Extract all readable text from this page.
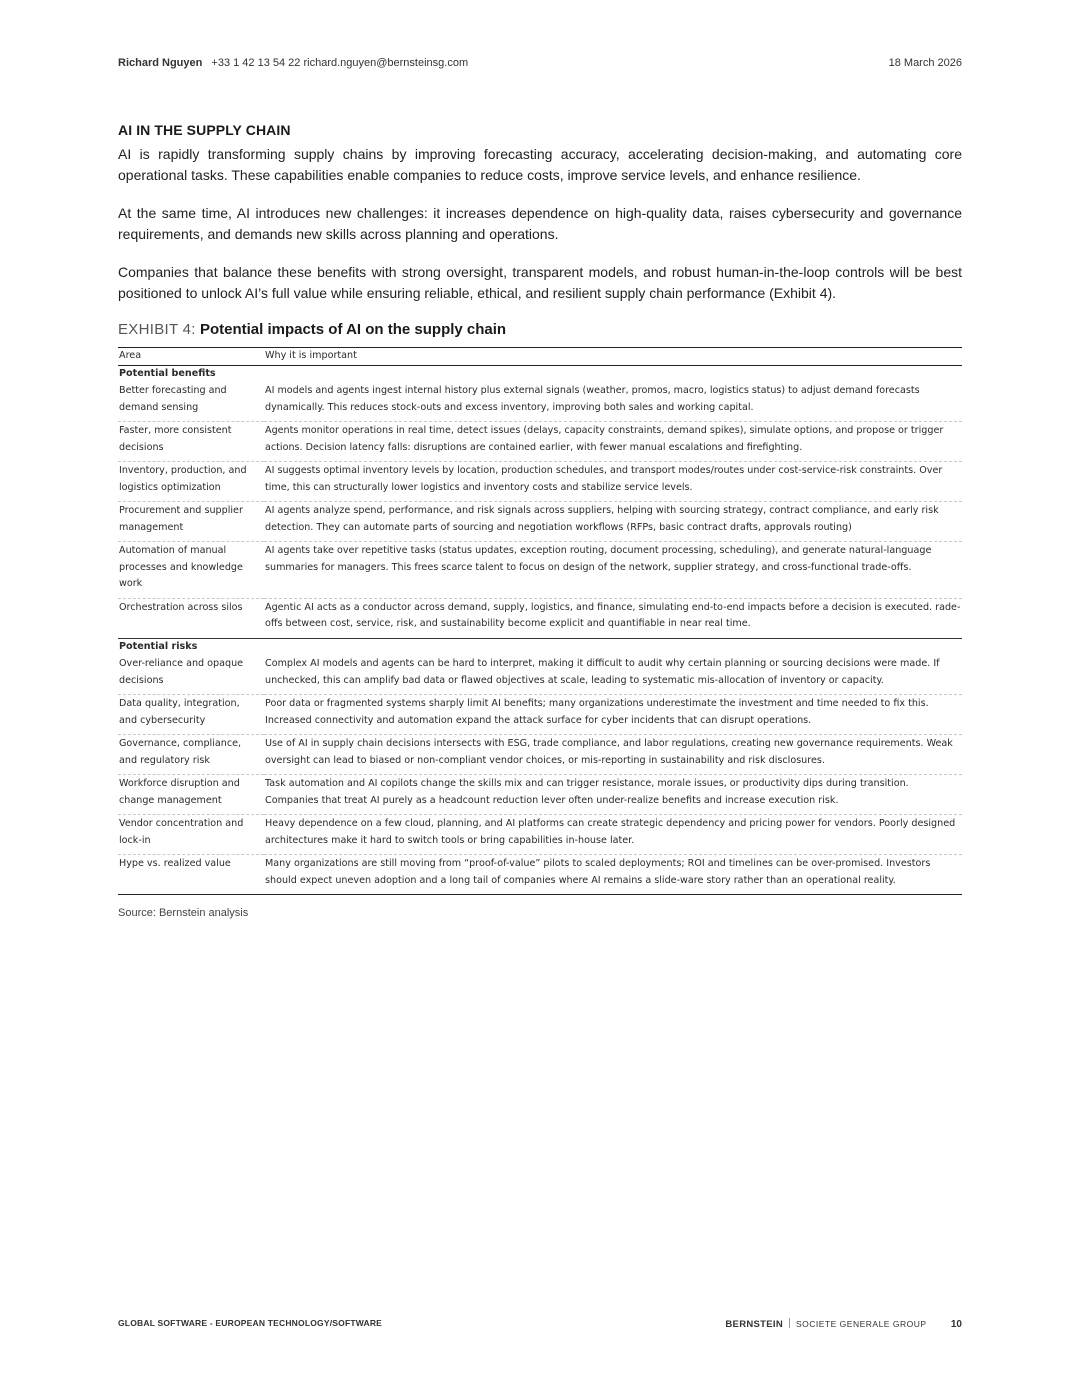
Richard Nguyen +33 1 42 13 54 22 richard.nguyen@bernsteinsg.com	18 March 2026
AI IN THE SUPPLY CHAIN

AI is rapidly transforming supply chains by improving forecasting accuracy, accelerating decision-making, and automating core operational tasks. These capabilities enable companies to reduce costs, improve service levels, and enhance resilience.

At the same time, AI introduces new challenges: it increases dependence on high-quality data, raises cybersecurity and governance requirements, and demands new skills across planning and operations.

Companies that balance these benefits with strong oversight, transparent models, and robust human-in-the-loop controls will be best positioned to unlock AI’s full value while ensuring reliable, ethical, and resilient supply chain performance (Exhibit 4).

EXHIBIT 4: Potential impacts of AI on the supply chain
Area	Why it is important
Potential benefits	
Better forecasting and demand sensing	AI models and agents ingest internal history plus external signals (weather, promos, macro, logistics status) to adjust demand forecasts dynamically. This reduces stock-outs and excess inventory, improving both sales and working capital.
Faster, more consistent decisions	Agents monitor operations in real time, detect issues (delays, capacity constraints, demand spikes), simulate options, and propose or trigger actions. Decision latency falls: disruptions are contained earlier, with fewer manual escalations and firefighting.
Inventory, production, and logistics optimization	AI suggests optimal inventory levels by location, production schedules, and transport modes/routes under cost-service-risk constraints. Over time, this can structurally lower logistics and inventory costs and stabilize service levels.
Procurement and supplier management	AI agents analyze spend, performance, and risk signals across suppliers, helping with sourcing strategy, contract compliance, and early risk detection. They can automate parts of sourcing and negotiation workflows (RFPs, basic contract drafts, approvals routing)
Automation of manual processes and knowledge work	AI agents take over repetitive tasks (status updates, exception routing, document processing, scheduling), and generate natural-language summaries for managers. This frees scarce talent to focus on design of the network, supplier strategy, and cross-functional trade-offs.
Orchestration across silos	Agentic AI acts as a conductor across demand, supply, logistics, and finance, simulating end-to-end impacts before a decision is executed. rade-offs between cost, service, risk, and sustainability become explicit and quantifiable in near real time.
Potential risks	
Over-reliance and opaque decisions	Complex AI models and agents can be hard to interpret, making it difficult to audit why certain planning or sourcing decisions were made. If unchecked, this can amplify bad data or flawed objectives at scale, leading to systematic mis-allocation of inventory or capacity.
Data quality, integration, and cybersecurity	Poor data or fragmented systems sharply limit AI benefits; many organizations underestimate the investment and time needed to fix this. Increased connectivity and automation expand the attack surface for cyber incidents that can disrupt operations.
Governance, compliance, and regulatory risk	Use of AI in supply chain decisions intersects with ESG, trade compliance, and labor regulations, creating new governance requirements. Weak oversight can lead to biased or non-compliant vendor choices, or mis-reporting in sustainability and risk disclosures.
Workforce disruption and change management	Task automation and AI copilots change the skills mix and can trigger resistance, morale issues, or productivity dips during transition. Companies that treat AI purely as a headcount reduction lever often under-realize benefits and increase execution risk.
Vendor concentration and lock-in	Heavy dependence on a few cloud, planning, and AI platforms can create strategic dependency and pricing power for vendors. Poorly designed architectures make it hard to switch tools or bring capabilities in-house later.
Hype vs. realized value	Many organizations are still moving from “proof-of-value” pilots to scaled deployments; ROI and timelines can be over-promised. Investors should expect uneven adoption and a long tail of companies where AI remains a slide-ware story rather than an operational reality.

Source: Bernstein analysis
GLOBAL SOFTWARE - EUROPEAN TECHNOLOGY/SOFTWARE	BERNSTEIN SOCIETE GENERALE GROUP 10
